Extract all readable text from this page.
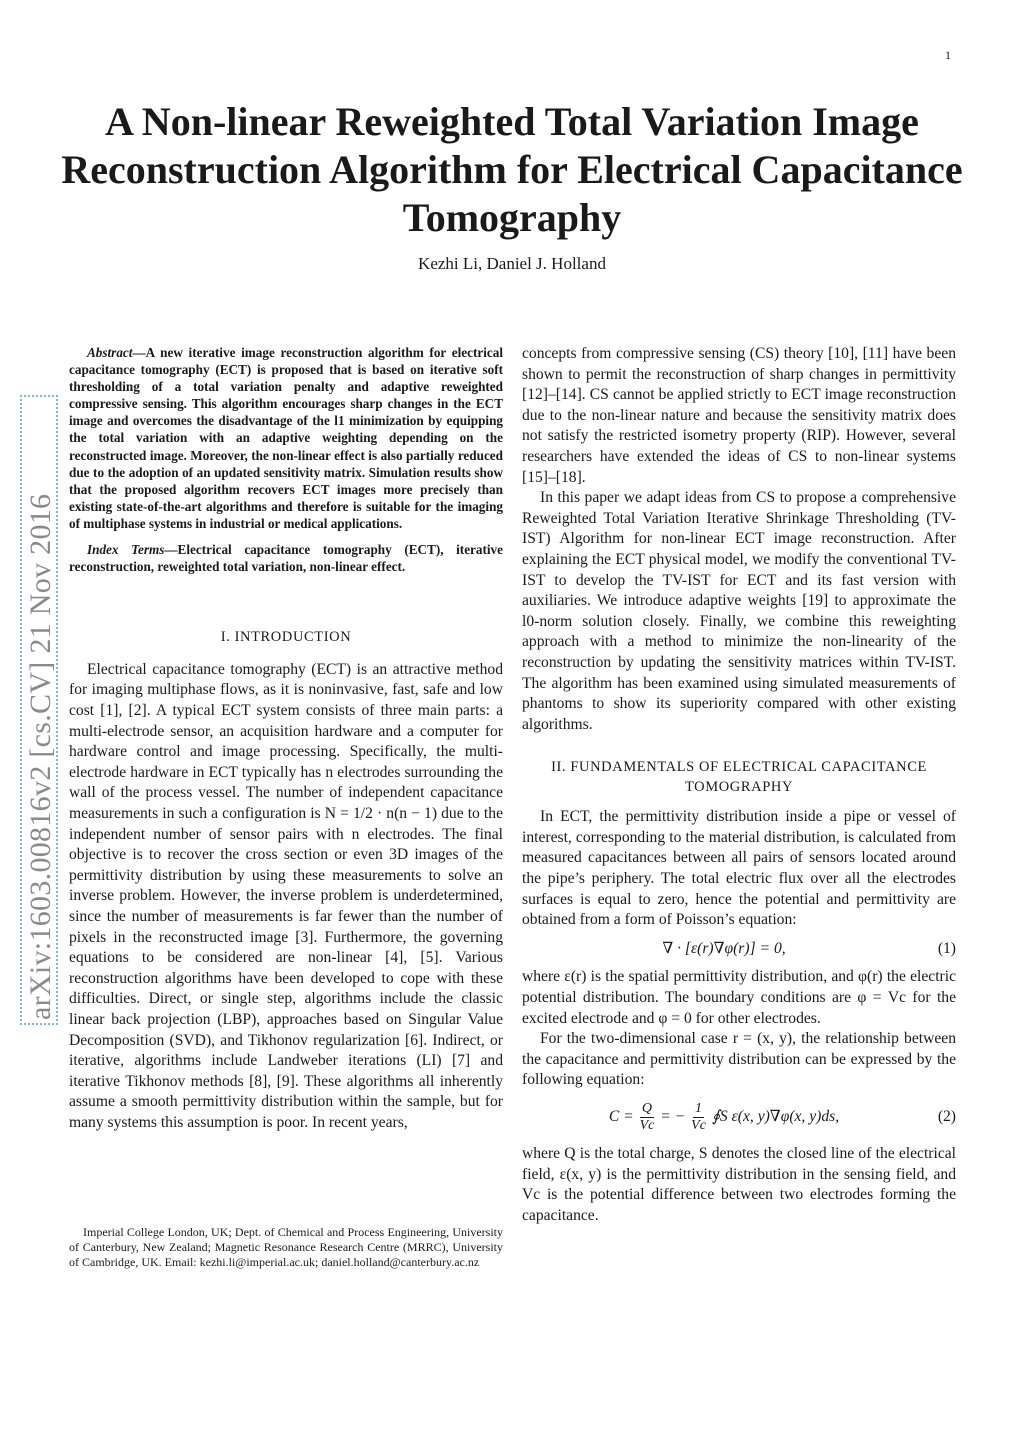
1
arXiv:1603.00816v2 [cs.CV] 21 Nov 2016
A Non-linear Reweighted Total Variation Image Reconstruction Algorithm for Electrical Capacitance Tomography
Kezhi Li, Daniel J. Holland

Abstract—A new iterative image reconstruction algorithm for electrical capacitance tomography (ECT) is proposed that is based on iterative soft thresholding of a total variation penalty and adaptive reweighted compressive sensing. This algorithm encourages sharp changes in the ECT image and overcomes the disadvantage of the l1 minimization by equipping the total variation with an adaptive weighting depending on the reconstructed image. Moreover, the non-linear effect is also partially reduced due to the adoption of an updated sensitivity matrix. Simulation results show that the proposed algorithm recovers ECT images more precisely than existing state-of-the-art algorithms and therefore is suitable for the imaging of multiphase systems in industrial or medical applications.

Index Terms—Electrical capacitance tomography (ECT), iterative reconstruction, reweighted total variation, non-linear effect.

I. INTRODUCTION

Electrical capacitance tomography (ECT) is an attractive method for imaging multiphase flows, as it is noninvasive, fast, safe and low cost [1], [2]. A typical ECT system consists of three main parts: a multi-electrode sensor, an acquisition hardware and a computer for hardware control and image processing. Specifically, the multi-electrode hardware in ECT typically has n electrodes surrounding the wall of the process vessel. The number of independent capacitance measurements in such a configuration is N = 1/2 · n(n − 1) due to the independent number of sensor pairs with n electrodes. The final objective is to recover the cross section or even 3D images of the permittivity distribution by using these measurements to solve an inverse problem. However, the inverse problem is underdetermined, since the number of measurements is far fewer than the number of pixels in the reconstructed image [3]. Furthermore, the governing equations to be considered are non-linear [4], [5]. Various reconstruction algorithms have been developed to cope with these difficulties. Direct, or single step, algorithms include the classic linear back projection (LBP), approaches based on Singular Value Decomposition (SVD), and Tikhonov regularization [6]. Indirect, or iterative, algorithms include Landweber iterations (LI) [7] and iterative Tikhonov methods [8], [9]. These algorithms all inherently assume a smooth permittivity distribution within the sample, but for many systems this assumption is poor. In recent years,

Imperial College London, UK; Dept. of Chemical and Process Engineering, University of Canterbury, New Zealand; Magnetic Resonance Research Centre (MRRC), University of Cambridge, UK. Email: kezhi.li@imperial.ac.uk; daniel.holland@canterbury.ac.nz

concepts from compressive sensing (CS) theory [10], [11] have been shown to permit the reconstruction of sharp changes in permittivity [12]–[14]. CS cannot be applied strictly to ECT image reconstruction due to the non-linear nature and because the sensitivity matrix does not satisfy the restricted isometry property (RIP). However, several researchers have extended the ideas of CS to non-linear systems [15]–[18].

In this paper we adapt ideas from CS to propose a comprehensive Reweighted Total Variation Iterative Shrinkage Thresholding (TV-IST) Algorithm for non-linear ECT image reconstruction. After explaining the ECT physical model, we modify the conventional TV-IST to develop the TV-IST for ECT and its fast version with auxiliaries. We introduce adaptive weights [19] to approximate the l0-norm solution closely. Finally, we combine this reweighting approach with a method to minimize the non-linearity of the reconstruction by updating the sensitivity matrices within TV-IST. The algorithm has been examined using simulated measurements of phantoms to show its superiority compared with other existing algorithms.

II. FUNDAMENTALS OF ELECTRICAL CAPACITANCE
TOMOGRAPHY

In ECT, the permittivity distribution inside a pipe or vessel of interest, corresponding to the material distribution, is calculated from measured capacitances between all pairs of sensors located around the pipe’s periphery. The total electric flux over all the electrodes surfaces is equal to zero, hence the potential and permittivity are obtained from a form of Poisson’s equation:

∇ · [ε(r)∇φ(r)] = 0,	(1)

where ε(r) is the spatial permittivity distribution, and φ(r) the electric potential distribution. The boundary conditions are φ = Vc for the excited electrode and φ = 0 for other electrodes.

For the two-dimensional case r = (x, y), the relationship between the capacitance and permittivity distribution can be expressed by the following equation:

$C = \frac{Q}{Vc}$ = − $\frac{1}{Vc}$ ∮S ε(x, y)∇φ(x, y)ds,	(2)

where Q is the total charge, S denotes the closed line of the electrical field, ε(x, y) is the permittivity distribution in the sensing field, and Vc is the potential difference between two electrodes forming the capacitance.
